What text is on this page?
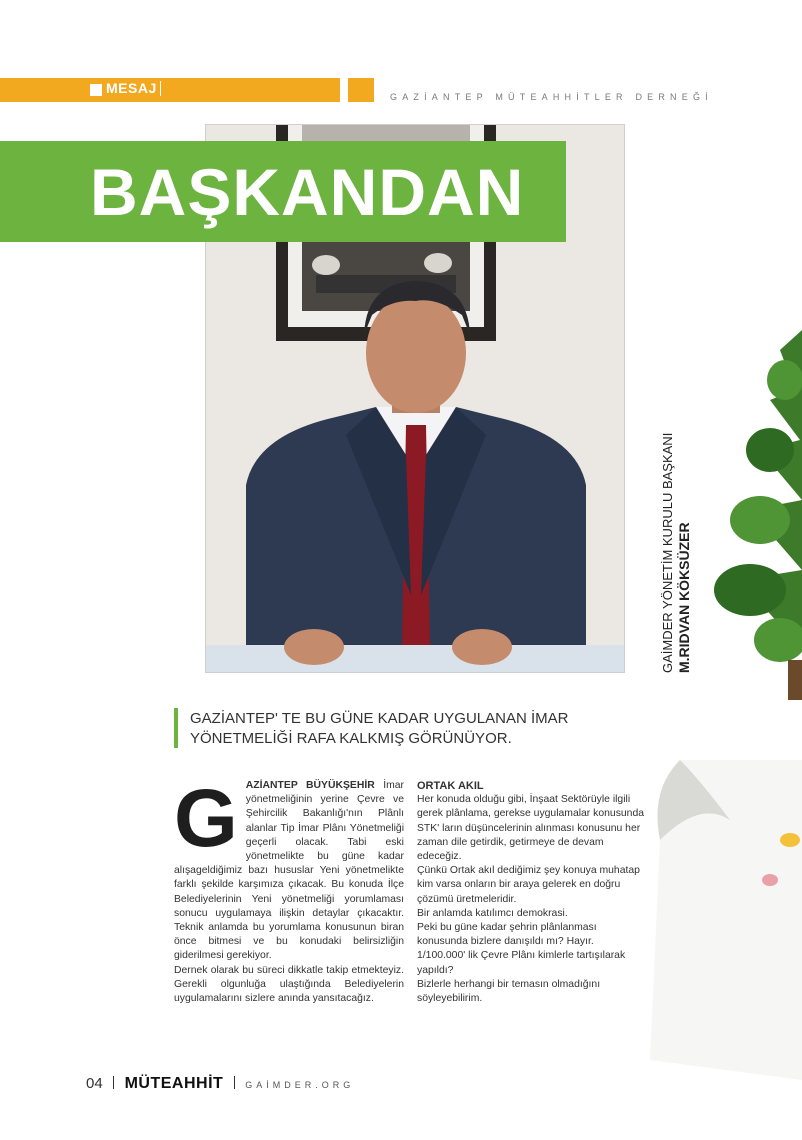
MESAJ
GAZİANTEP MÜTEAHHİTLER DERNEĞİ
BAŞKANDAN
GAİMDER YÖNETİM KURULU BAŞKANI M.RIDVAN KÖKSÜZER
GAZİANTEP' TE BU GÜNE KADAR UYGULANAN İMAR YÖNETMELİĞİ RAFA KALKMIŞ GÖRÜNÜYOR.

GAZİANTEP BÜYÜKŞEHİR İmar yönetmeliğinin yerine Çevre ve Şehircilik Bakanlığı'nın Plânlı alanlar Tip İmar Plânı Yönetmeliği geçerli olacak. Tabi eski yönetmelikte bu güne kadar alışageldiğimiz bazı hususlar Yeni yönetmelikte farklı şekilde karşımıza çıkacak. Bu konuda İlçe Belediyelerinin Yeni yönetmeliği yorumlaması sonucu uygulamaya ilişkin detaylar çıkacaktır. Teknik anlamda bu yorumlama konusunun biran önce bitmesi ve bu konudaki belirsizliğin giderilmesi gerekiyor.

Dernek olarak bu süreci dikkatle takip etmekteyiz. Gerekli olgunluğa ulaştığında Belediyelerin uygulamalarını sizlere anında yansıtacağız.

ORTAK AKIL

Her konuda olduğu gibi, İnşaat Sektörüyle ilgili gerek plânlama, gerekse uygulamalar konusunda STK' ların düşüncelerinin alınması konusunu her zaman dile getirdik, getirmeye de devam edeceğiz.

Çünkü Ortak akıl dediğimiz şey konuya muhatap kim varsa onların bir araya gelerek en doğru çözümü üretmeleridir.

Bir anlamda katılımcı demokrasi.

Peki bu güne kadar şehrin plânlanması konusunda bizlere danışıldı mı? Hayır.

1/100.000' lik Çevre Plânı kimlerle tartışılarak yapıldı?

Bizlerle herhangi bir temasın olmadığını söyleyebilirim.

04 MÜTEAHHİT GAİMDER.ORG
